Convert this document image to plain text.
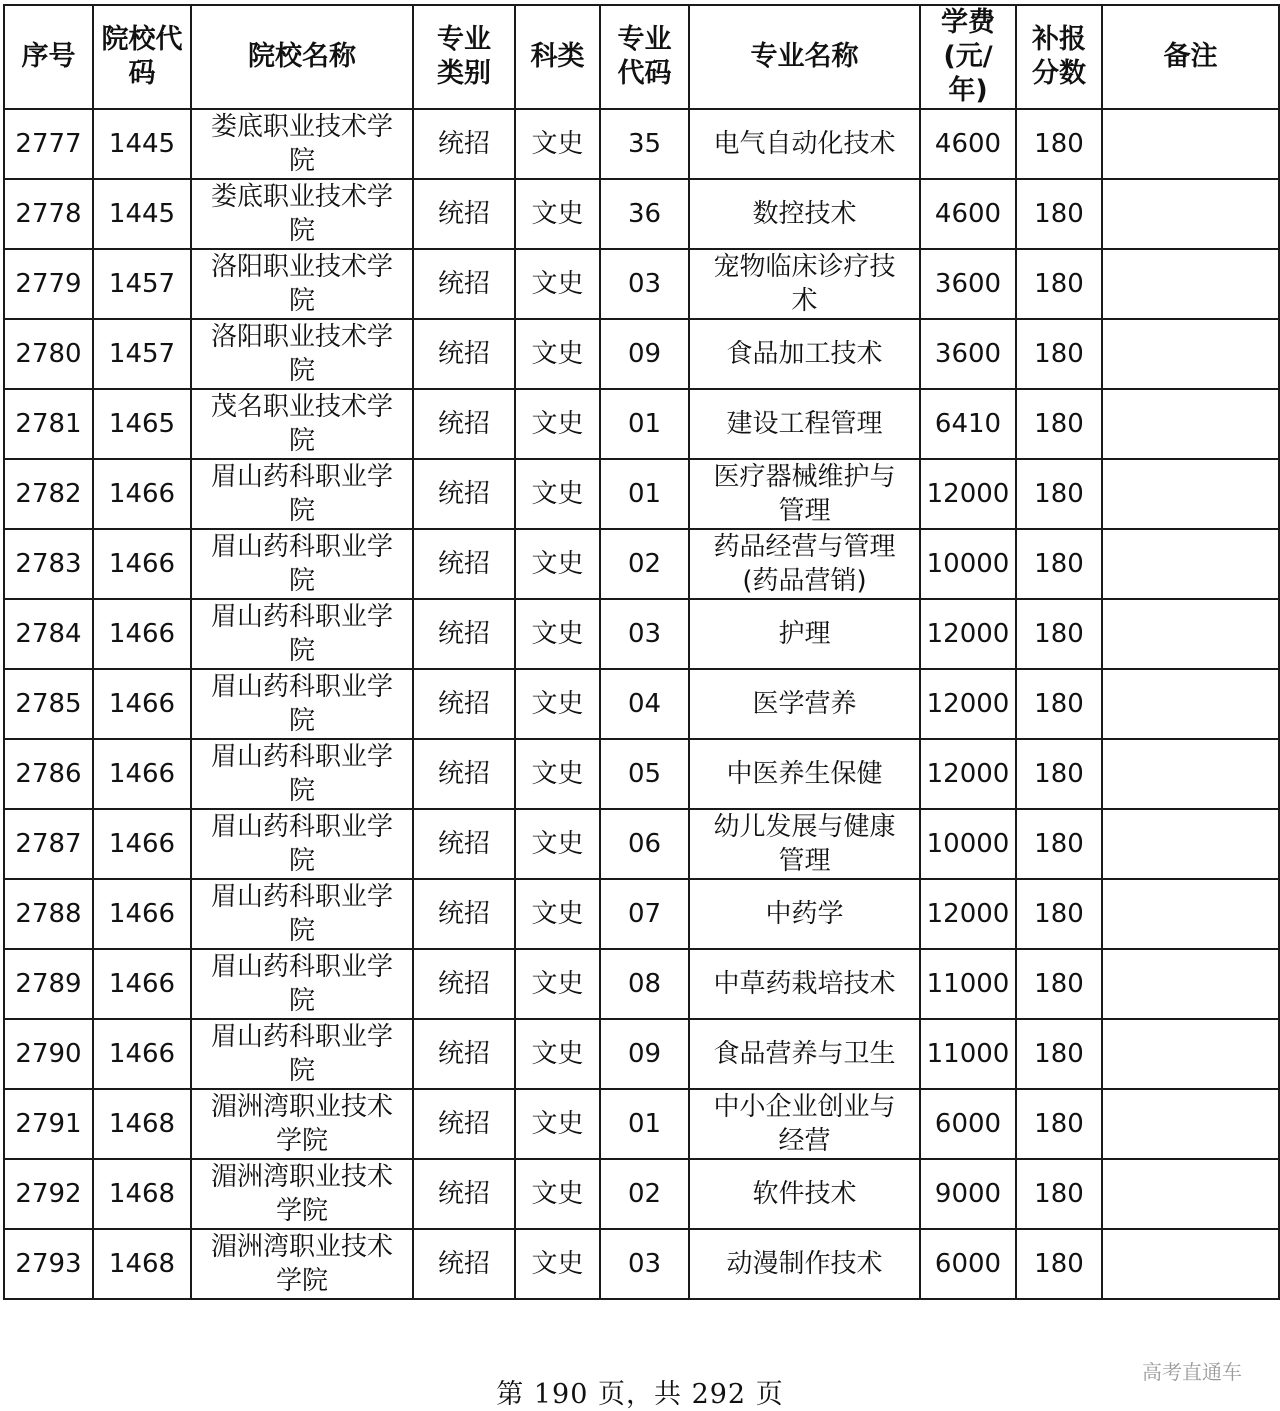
序号	院校代码	院校名称	专业类别	科类	专业代码	专业名称	学费(元/年)	补报分数	备注

2777	1445	娄底职业技术学院	统招	文史	35	电气自动化技术	4600	180	
2778	1445	娄底职业技术学院	统招	文史	36	数控技术	4600	180	
2779	1457	洛阳职业技术学院	统招	文史	03	宠物临床诊疗技术	3600	180	
2780	1457	洛阳职业技术学院	统招	文史	09	食品加工技术	3600	180	
2781	1465	茂名职业技术学院	统招	文史	01	建设工程管理	6410	180	
2782	1466	眉山药科职业学院	统招	文史	01	医疗器械维护与管理	12000	180	
2783	1466	眉山药科职业学院	统招	文史	02	药品经营与管理(药品营销)	10000	180	
2784	1466	眉山药科职业学院	统招	文史	03	护理	12000	180	
2785	1466	眉山药科职业学院	统招	文史	04	医学营养	12000	180	
2786	1466	眉山药科职业学院	统招	文史	05	中医养生保健	12000	180	
2787	1466	眉山药科职业学院	统招	文史	06	幼儿发展与健康管理	10000	180	
2788	1466	眉山药科职业学院	统招	文史	07	中药学	12000	180	
2789	1466	眉山药科职业学院	统招	文史	08	中草药栽培技术	11000	180	
2790	1466	眉山药科职业学院	统招	文史	09	食品营养与卫生	11000	180	
2791	1468	湄洲湾职业技术学院	统招	文史	01	中小企业创业与经营	6000	180	
2792	1468	湄洲湾职业技术学院	统招	文史	02	软件技术	9000	180	
2793	1468	湄洲湾职业技术学院	统招	文史	03	动漫制作技术	6000	180	
第 190 页，共 292 页
高考直通车
